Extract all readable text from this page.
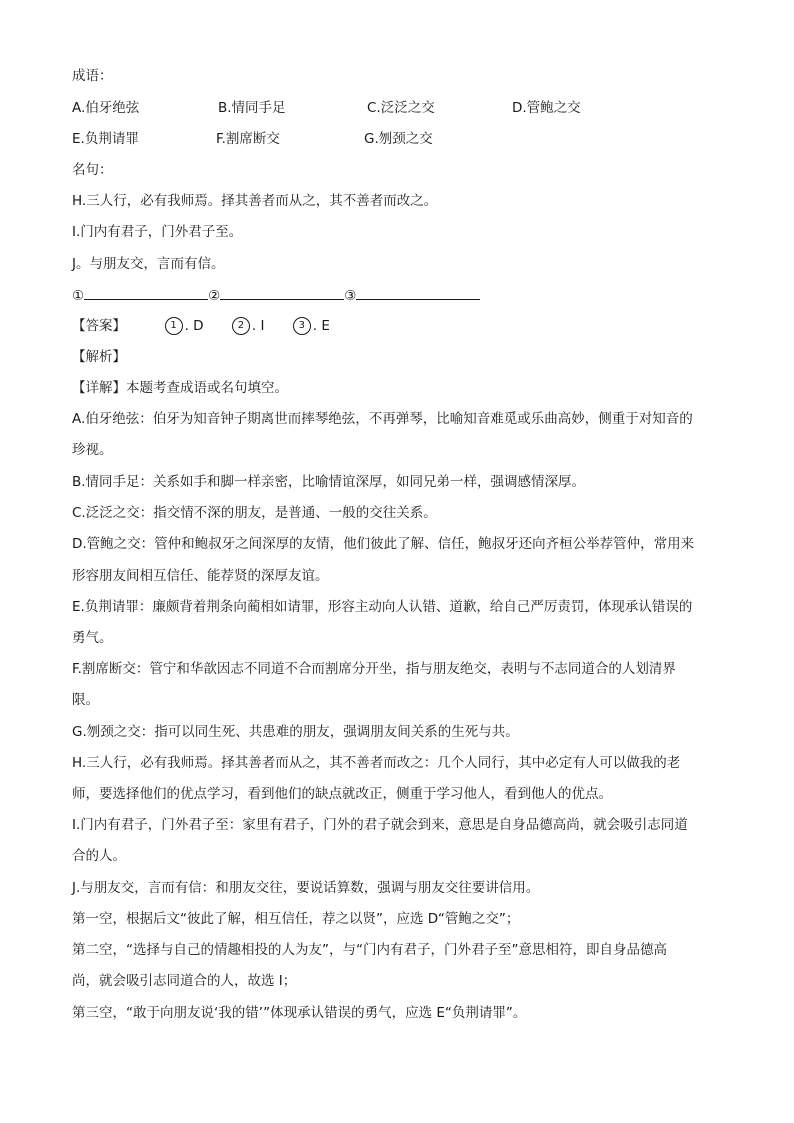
成语：
A.伯牙绝弦	B.情同手足	C.泛泛之交	D.管鲍之交
E.负荆请罪	F.割席断交	G.刎颈之交
名句：
H.三人行，必有我师焉。择其善者而从之，其不善者而改之。
I.门内有君子，门外君子至。
J。与朋友交，言而有信。
①	②	③
【答案】	1 . D	2 . I	3 . E
【解析】
【详解】本题考查成语或名句填空。
A.伯牙绝弦：伯牙为知音钟子期离世而摔琴绝弦，不再弹琴，比喻知音难觅或乐曲高妙，侧重于对知音的
珍视。
B.情同手足：关系如手和脚一样亲密，比喻情谊深厚，如同兄弟一样，强调感情深厚。
C.泛泛之交：指交情不深的朋友，是普通、一般的交往关系。
D.管鲍之交：管仲和鲍叔牙之间深厚的友情，他们彼此了解、信任，鲍叔牙还向齐桓公举荐管仲，常用来
形容朋友间相互信任、能荐贤的深厚友谊。
E.负荆请罪：廉颇背着荆条向蔺相如请罪，形容主动向人认错、道歉，给自己严厉责罚，体现承认错误的
勇气。
F.割席断交：管宁和华歆因志不同道不合而割席分开坐，指与朋友绝交，表明与不志同道合的人划清界
限。
G.刎颈之交：指可以同生死、共患难的朋友，强调朋友间关系的生死与共。
H.三人行，必有我师焉。择其善者而从之，其不善者而改之：几个人同行，其中必定有人可以做我的老
师，要选择他们的优点学习，看到他们的缺点就改正，侧重于学习他人，看到他人的优点。
I.门内有君子，门外君子至：家里有君子，门外的君子就会到来，意思是自身品德高尚，就会吸引志同道
合的人。
J.与朋友交，言而有信：和朋友交往，要说话算数，强调与朋友交往要讲信用。
第一空，根据后文“彼此了解，相互信任，荐之以贤”，应选 D“管鲍之交”；
第二空，“选择与自己的情趣相投的人为友”，与“门内有君子，门外君子至”意思相符，即自身品德高
尚，就会吸引志同道合的人，故选 I；
第三空，“敢于向朋友说‘我的错’”体现承认错误的勇气，应选 E“负荆请罪”。
